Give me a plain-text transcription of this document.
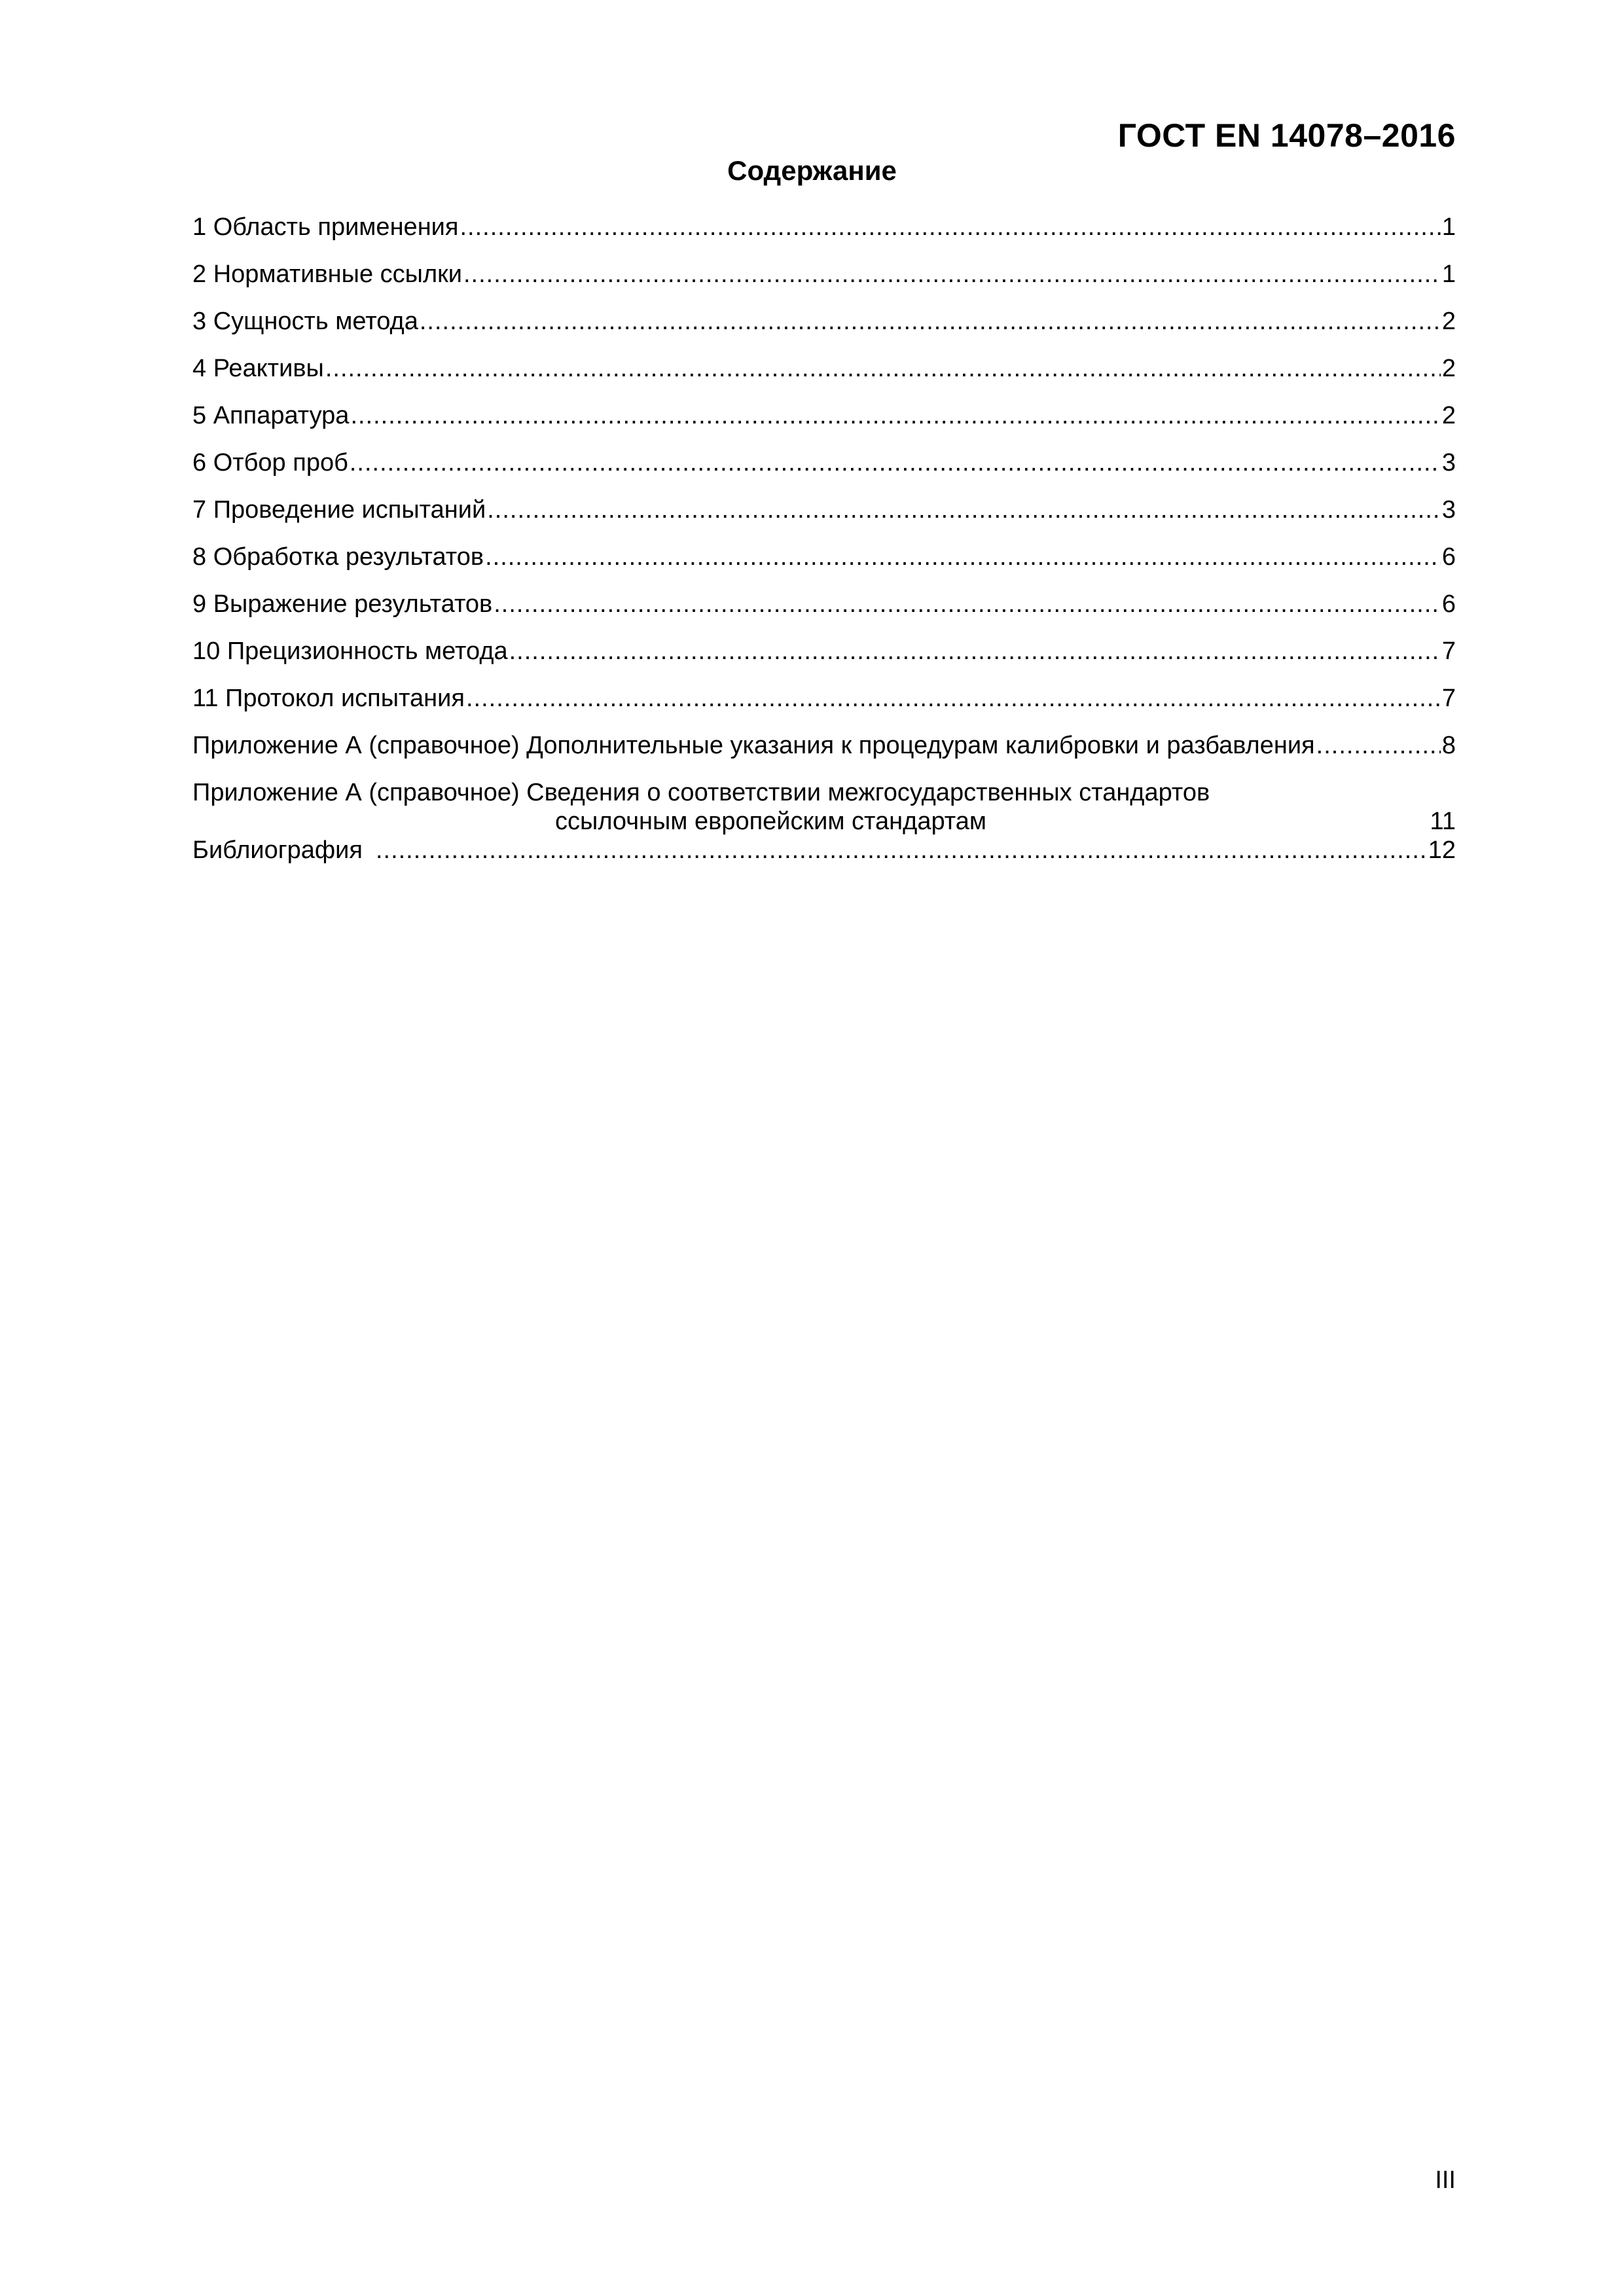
ГОСТ EN 14078–2016
Содержание
1 Область применения .....	1
2 Нормативные ссылки .....	1
3 Сущность метода .....	2
4 Реактивы .....	2
5 Аппаратура .....	2
6 Отбор проб .....	3
7 Проведение испытаний .....	3
8 Обработка результатов .....	6
9 Выражение результатов .....	6
10 Прецизионность метода .....	7
11 Протокол испытания .....	7
Приложение А (справочное) Дополнительные указания к процедурам калибровки и разбавления .....	8
Приложение А (справочное) Сведения о соответствии межгосударственных стандартов
ссылочным европейским стандартам	11
Библиография .....	12
III
